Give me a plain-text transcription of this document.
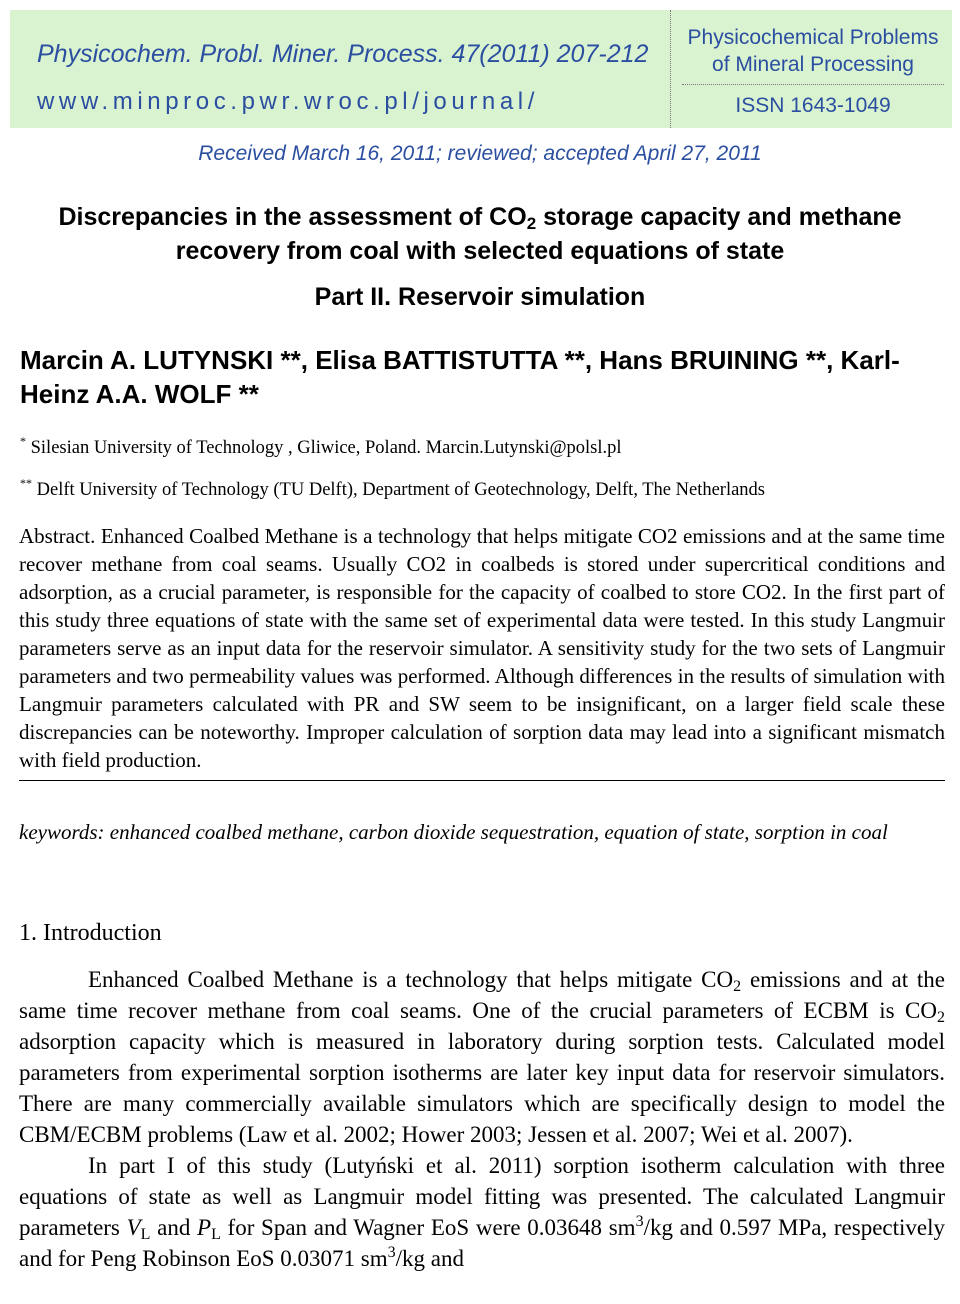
Physicochem. Probl. Miner. Process. 47(2011) 207-212
www.minproc.pwr.wroc.pl/journal/
Physicochemical Problems
of Mineral Processing
ISSN 1643-1049
Received March 16, 2011; reviewed; accepted April 27, 2011
Discrepancies in the assessment of $CO_2$ storage capacity and methane recovery from coal with selected equations of state
Part II. Reservoir simulation
Marcin A. LUTYNSKI **, Elisa BATTISTUTTA **, Hans BRUINING **, Karl-Heinz A.A. WOLF **
* Silesian University of Technology , Gliwice, Poland. Marcin.Lutynski@polsl.pl
** Delft University of Technology (TU Delft), Department of Geotechnology, Delft, The Netherlands
Abstract. Enhanced Coalbed Methane is a technology that helps mitigate CO2 emissions and at the same time recover methane from coal seams. Usually CO2 in coalbeds is stored under supercritical conditions and adsorption, as a crucial parameter, is responsible for the capacity of coalbed to store CO2. In the first part of this study three equations of state with the same set of experimental data were tested. In this study Langmuir parameters serve as an input data for the reservoir simulator. A sensitivity study for the two sets of Langmuir parameters and two permeability values was performed. Although differences in the results of simulation with Langmuir parameters calculated with PR and SW seem to be insignificant, on a larger field scale these discrepancies can be noteworthy. Improper calculation of sorption data may lead into a significant mismatch with field production.
keywords: enhanced coalbed methane, carbon dioxide sequestration, equation of state, sorption in coal
1. Introduction

Enhanced Coalbed Methane is a technology that helps mitigate $CO_2$ emissions and at the same time recover methane from coal seams. One of the crucial parameters of ECBM is $CO_2$ adsorption capacity which is measured in laboratory during sorption tests. Calculated model parameters from experimental sorption isotherms are later key input data for reservoir simulators. There are many commercially available simulators which are specifically design to model the CBM/ECBM problems (Law et al. 2002; Hower 2003; Jessen et al. 2007; Wei et al. 2007).

In part I of this study (Lutyński et al. 2011) sorption isotherm calculation with three equations of state as well as Langmuir model fitting was presented. The calculated Langmuir parameters $V_L$ and $P_L$ for Span and Wagner EoS were 0.03648 $sm^3/kg$ and 0.597 MPa, respectively and for Peng Robinson EoS 0.03071 $sm^3/kg$ and
